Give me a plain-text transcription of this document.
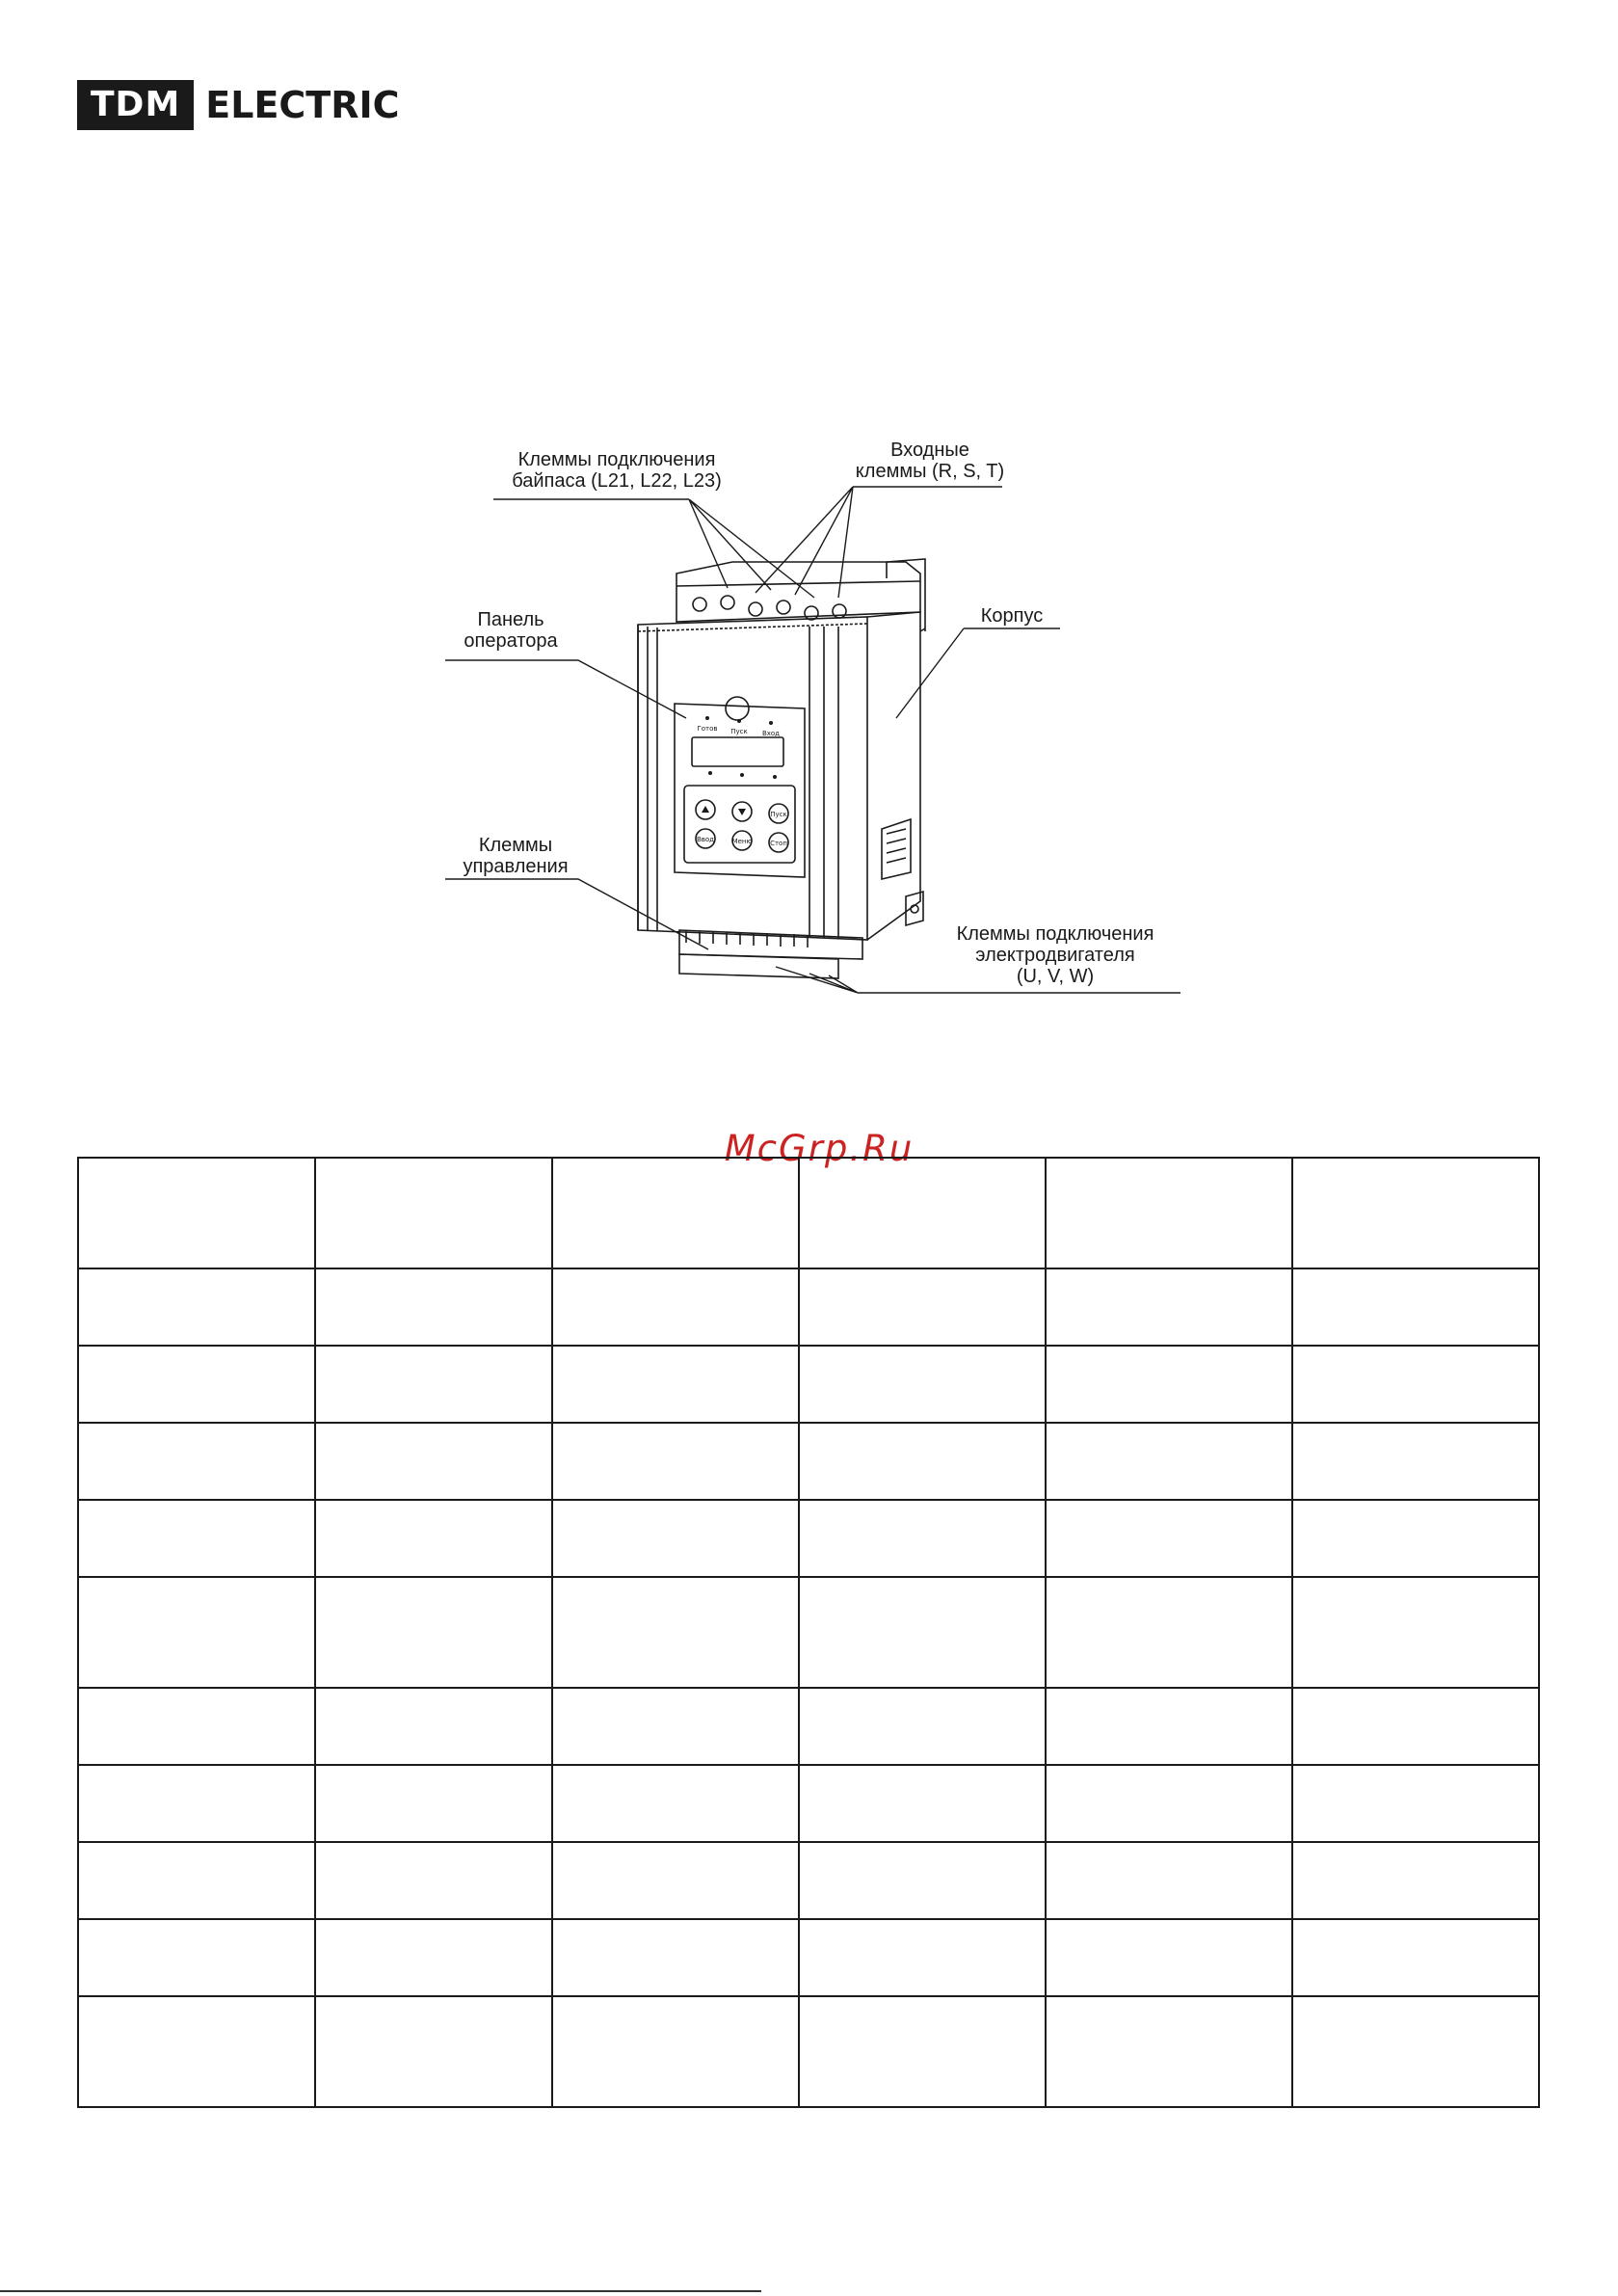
TDM ELECTRIC
Готов Пуск Вход
Пуск
Ввод	Меню	Стоп
Клеммы подключения
байпаса (L21, L22, L23)
Входные
клеммы (R, S, T)
Панель
оператора
Корпус
Клеммы
управления
Клеммы подключения
электродвигателя
(U, V, W)
McGrp.Ru
